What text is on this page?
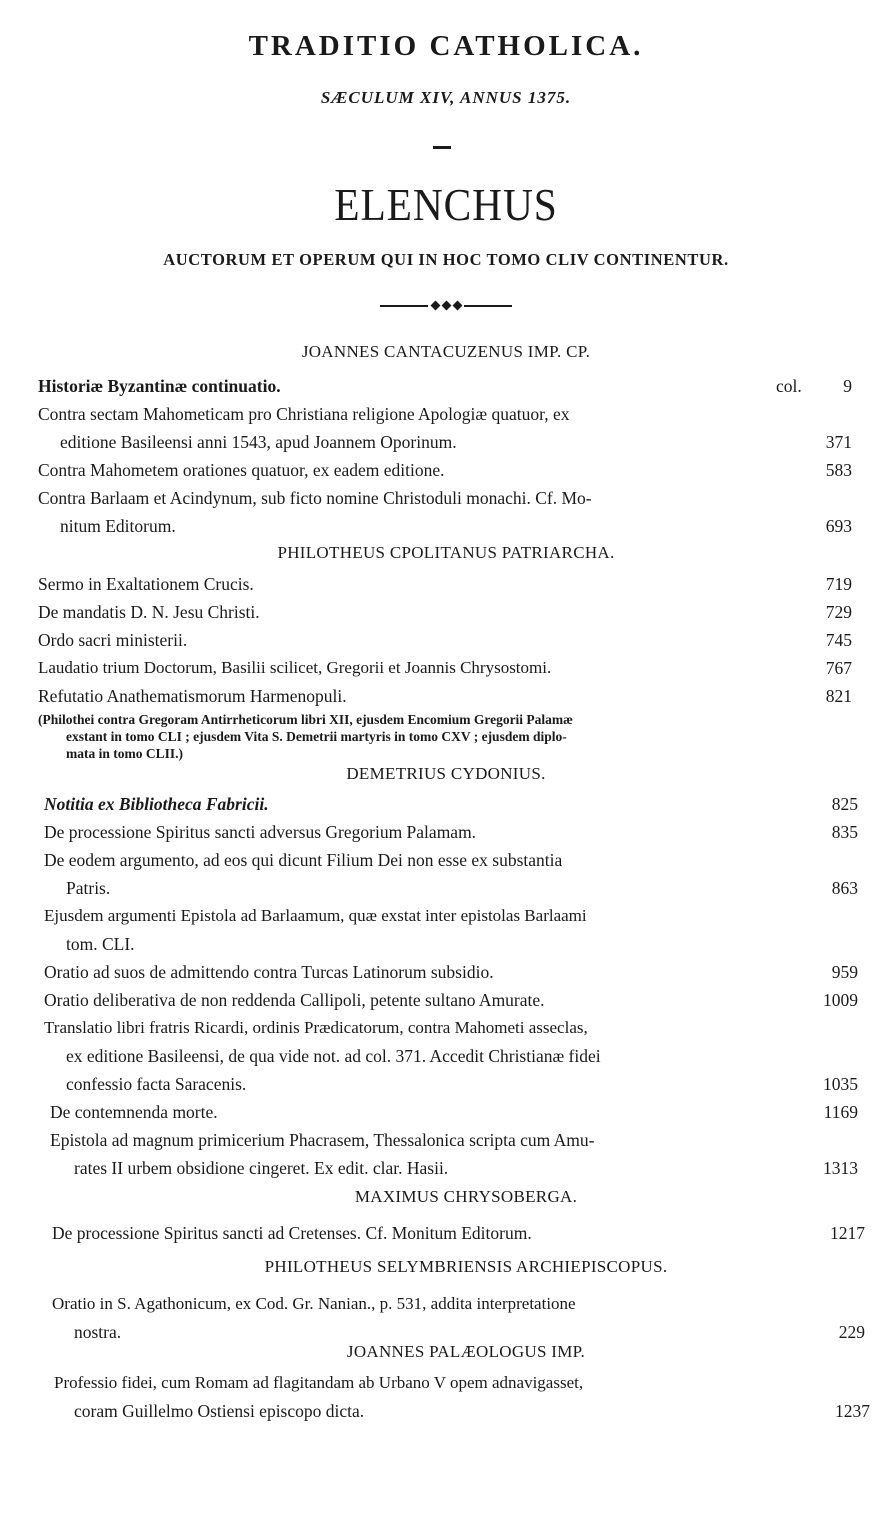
TRADITIO CATHOLICA.
SÆCULUM XIV, ANNUS 1375.
ELENCHUS
AUCTORUM ET OPERUM QUI IN HOC TOMO CLIV CONTINENTUR.
JOANNES CANTACUZENUS IMP. CP.
Historiæ Byzantinæ continuatio.	col.	9
Contra sectam Mahometicam pro Christiana religione Apologiæ quatuor, ex
editione Basileensi anni 1543, apud Joannem Oporinum.	371
Contra Mahometem orationes quatuor, ex eadem editione.	583
Contra Barlaam et Acindynum, sub ficto nomine Christoduli monachi. Cf. Mo-
nitum Editorum.	693
PHILOTHEUS CPOLITANUS PATRIARCHA.
Sermo in Exaltationem Crucis.	719
De mandatis D. N. Jesu Christi.	729
Ordo sacri ministerii.	745
Laudatio trium Doctorum, Basilii scilicet, Gregorii et Joannis Chrysostomi.	767
Refutatio Anathematismorum Harmenopuli.	821
(Philothei contra Gregoram Antirrheticorum libri XII, ejusdem Encomium Gregorii Palamæ
exstant in tomo CLI ; ejusdem Vita S. Demetrii martyris in tomo CXV ; ejusdem diplo-
mata in tomo CLII.)
DEMETRIUS CYDONIUS.
Notitia ex Bibliotheca Fabricii.	825
De processione Spiritus sancti adversus Gregorium Palamam.	835
De eodem argumento, ad eos qui dicunt Filium Dei non esse ex substantia
Patris.	863
Ejusdem argumenti Epistola ad Barlaamum, quæ exstat inter epistolas Barlaami
tom. CLI.
Oratio ad suos de admittendo contra Turcas Latinorum subsidio.	959
Oratio deliberativa de non reddenda Callipoli, petente sultano Amurate.	1009
Translatio libri fratris Ricardi, ordinis Prædicatorum, contra Mahometi asseclas,
ex editione Basileensi, de qua vide not. ad col. 371. Accedit Christianæ fidei
confessio facta Saracenis.	1035
De contemnenda morte.	1169
Epistola ad magnum primicerium Phacrasem, Thessalonica scripta cum Amu-
rates II urbem obsidione cingeret. Ex edit. clar. Hasii.	1313
MAXIMUS CHRYSOBERGA.
De processione Spiritus sancti ad Cretenses. Cf. Monitum Editorum.	1217
PHILOTHEUS SELYMBRIENSIS ARCHIEPISCOPUS.
Oratio in S. Agathonicum, ex Cod. Gr. Nanian., p. 531, addita interpretatione
nostra.	229
JOANNES PALÆOLOGUS IMP.
Professio fidei, cum Romam ad flagitandam ab Urbano V opem adnavigasset,
coram Guillelmo Ostiensi episcopo dicta.	1237
